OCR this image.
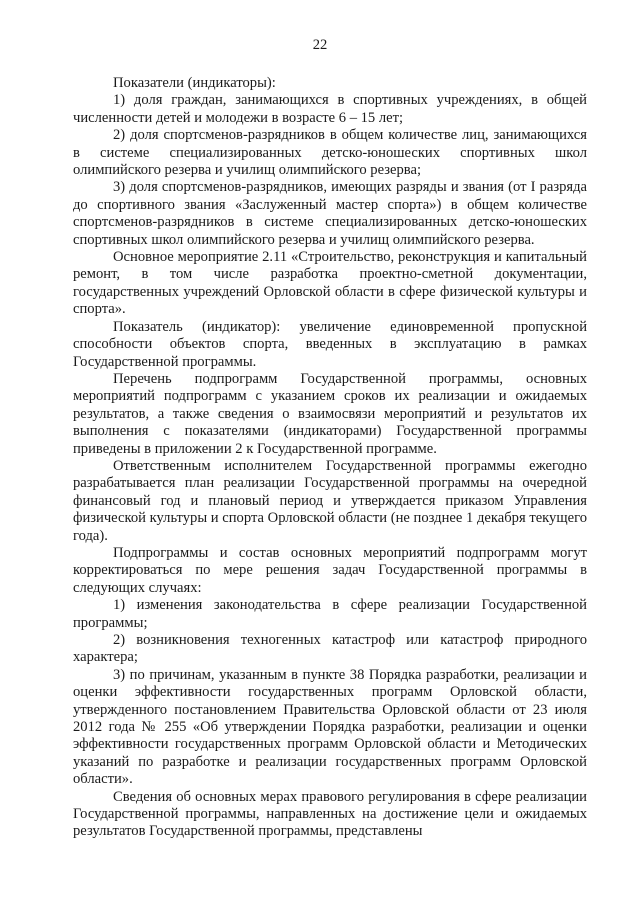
22

Показатели (индикаторы):

1) доля граждан, занимающихся в спортивных учреждениях, в общей численности детей и молодежи в возрасте 6 – 15 лет;

2) доля спортсменов-разрядников в общем количестве лиц, занимающихся в системе специализированных детско-юношеских спортивных школ олимпийского резерва и училищ олимпийского резерва;

3) доля спортсменов-разрядников, имеющих разряды и звания (от I разряда до спортивного звания «Заслуженный мастер спорта») в общем количестве спортсменов-разрядников в системе специализированных детско-юношеских спортивных школ олимпийского резерва и училищ олимпийского резерва.

Основное мероприятие 2.11 «Строительство, реконструкция и капитальный ремонт, в том числе разработка проектно-сметной документации, государственных учреждений Орловской области в сфере физической культуры и спорта».

Показатель (индикатор): увеличение единовременной пропускной способности объектов спорта, введенных в эксплуатацию в рамках Государственной программы.

Перечень подпрограмм Государственной программы, основных мероприятий подпрограмм с указанием сроков их реализации и ожидаемых результатов, а также сведения о взаимосвязи мероприятий и результатов их выполнения с показателями (индикаторами) Государственной программы приведены в приложении 2 к Государственной программе.

Ответственным исполнителем Государственной программы ежегодно разрабатывается план реализации Государственной программы на очередной финансовый год и плановый период и утверждается приказом Управления физической культуры и спорта Орловской области (не позднее 1 декабря текущего года).

Подпрограммы и состав основных мероприятий подпрограмм могут корректироваться по мере решения задач Государственной программы в следующих случаях:

1) изменения законодательства в сфере реализации Государственной программы;

2) возникновения техногенных катастроф или катастроф природного характера;

3) по причинам, указанным в пункте 38 Порядка разработки, реализации и оценки эффективности государственных программ Орловской области, утвержденного постановлением Правительства Орловской области от 23 июля 2012 года № 255 «Об утверждении Порядка разработки, реализации и оценки эффективности государственных программ Орловской области и Методических указаний по разработке и реализации государственных программ Орловской области».

Сведения об основных мерах правового регулирования в сфере реализации Государственной программы, направленных на достижение цели и ожидаемых результатов Государственной программы, представлены
